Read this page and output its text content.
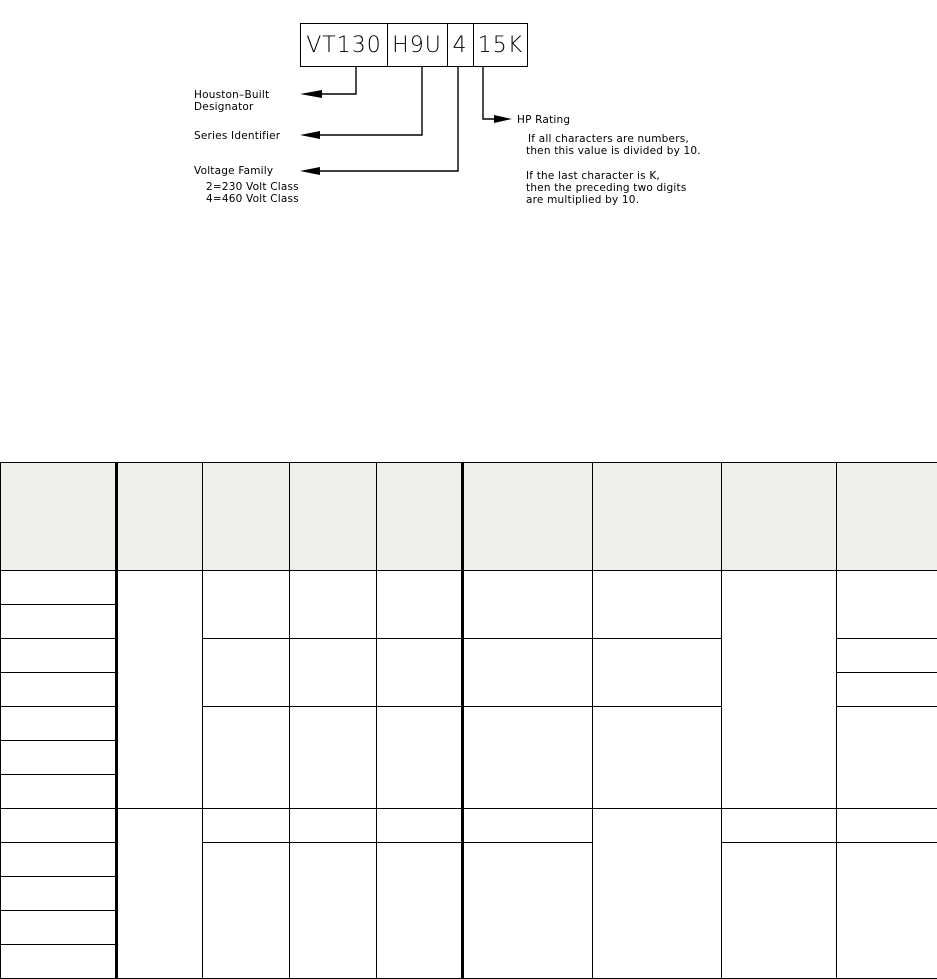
VT130 H9U 4 15K
Houston–Built
Designator
Series Identifier
Voltage Family
2=230 Volt Class
4=460 Volt Class
HP Rating
If all characters are numbers,
then this value is divided by 10.
If the last character is K,
then the preceding two digits
are multiplied by 10.
